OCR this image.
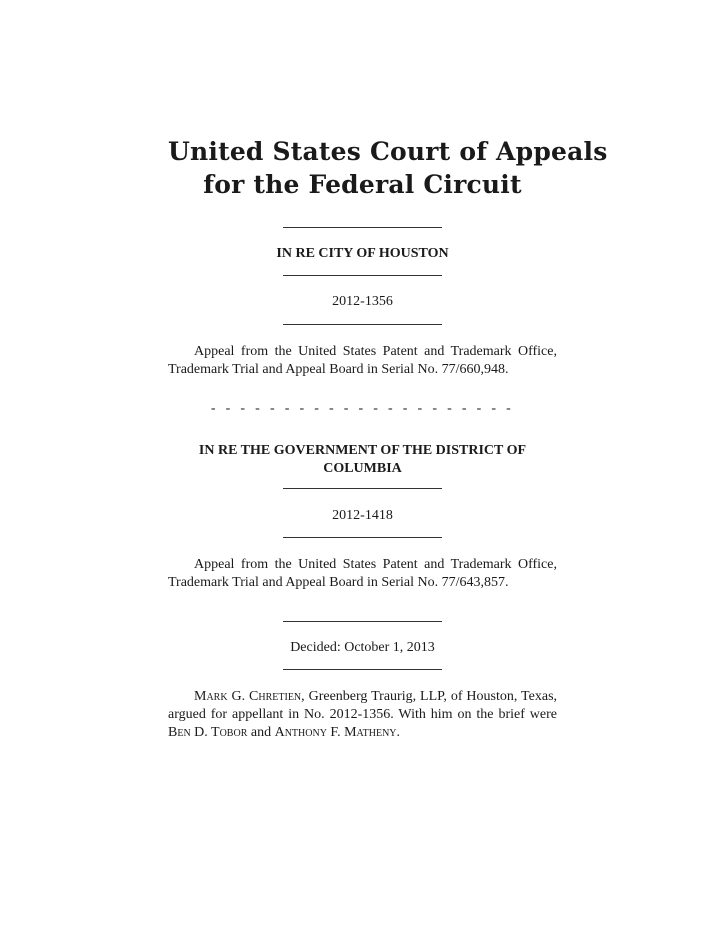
United States Court of Appeals
for the Federal Circuit
IN RE CITY OF HOUSTON
2012-1356
Appeal from the United States Patent and Trademark Office, Trademark Trial and Appeal Board in Serial No. 77/660,948.
- - - - - - - - - - - - - - - - - - - - -
IN RE THE GOVERNMENT OF THE DISTRICT OF COLUMBIA
2012-1418
Appeal from the United States Patent and Trademark Office, Trademark Trial and Appeal Board in Serial No. 77/643,857.
Decided: October 1, 2013
Mark G. Chretien, Greenberg Traurig, LLP, of Houston, Texas, argued for appellant in No. 2012-1356. With him on the brief were Ben D. Tobor and Anthony F. Matheny.
